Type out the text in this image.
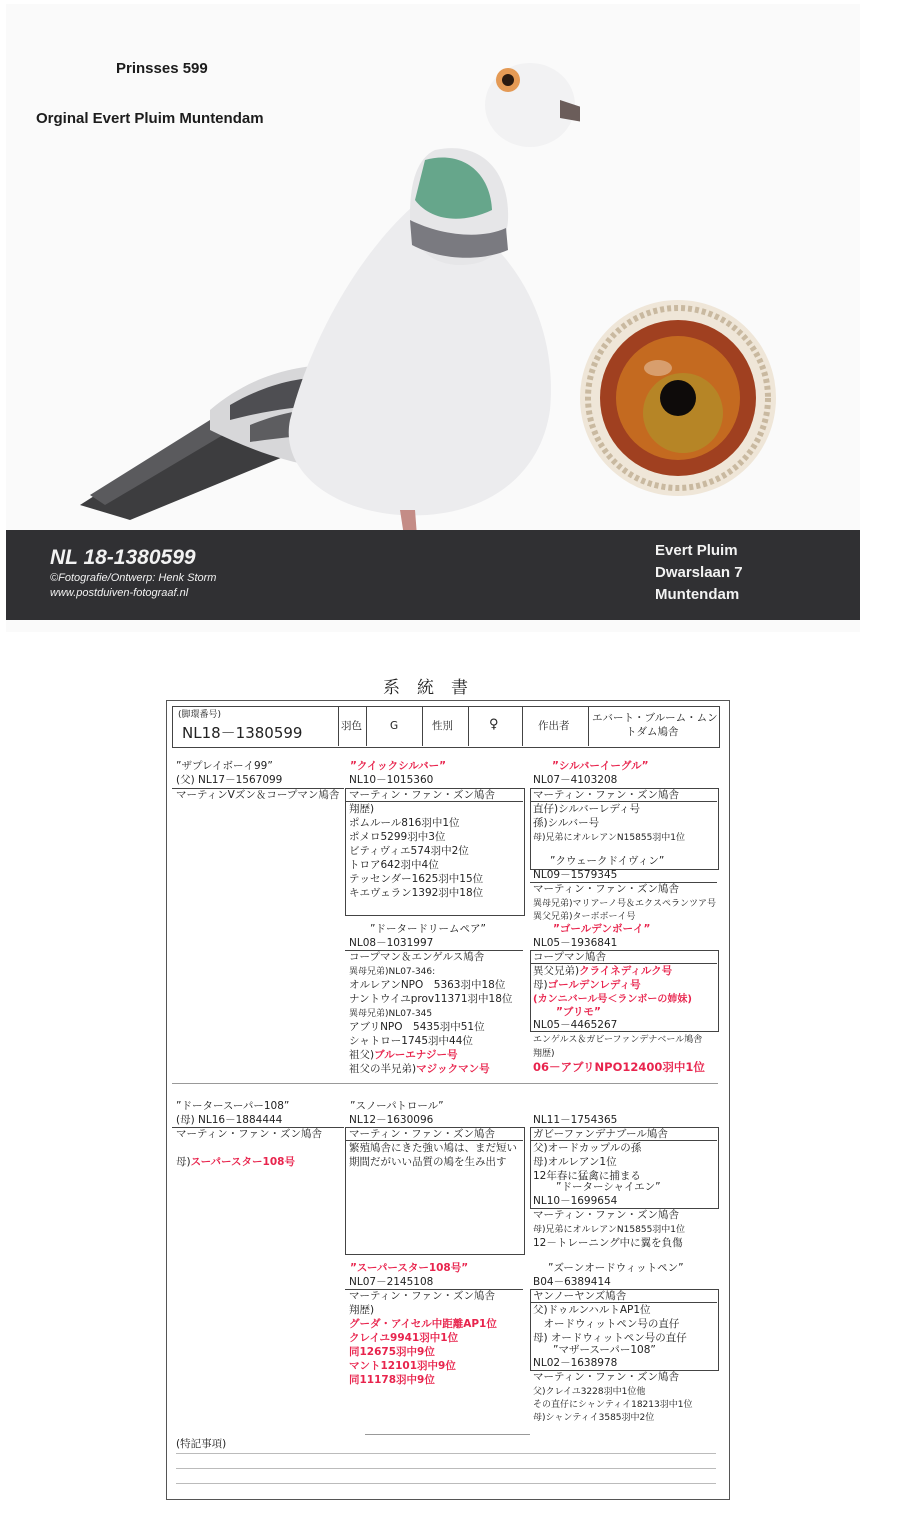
Prinsses 599
Orginal Evert Pluim Muntendam
NL 18-1380599
©Fotografie/Ontwerp: Henk Storm
www.postduiven-fotograaf.nl
Evert Pluim
Dwarslaan 7
Muntendam
系　統　書
(脚環番号)
NL18－1380599	羽色	G	性別	♀	作出者
エバート・ブルーム・ムン
トダム鳩舎
”ザプレイボーイ99”
(父) NL17－1567099
マーティンVズン＆コープマン鳩舎
”クイックシルバー”
NL10－1015360
マーティン・ファン・ズン鳩舎
翔歴)
ポムルール816羽中1位
ポメロ5299羽中3位
ビティヴィエ574羽中2位
トロア642羽中4位
テッセンダー1625羽中15位
キエヴェラン1392羽中18位
”シルバーイーグル”
NL07－4103208
マーティン・ファン・ズン鳩舎
直仔)シルバーレディ号
孫)シルバー号
母)兄弟にオルレアンN15855羽中1位
”クウェークドイヴィン”
NL09－1579345
マーティン・ファン・ズン鳩舎
異母兄弟)マリアーノ号＆エクスペランツア号
異父兄弟)ターボボーイ号
”ドータードリームペア”
NL08－1031997
コープマン＆エンゲルス鳩舎
異母兄弟)NL07-346:
オルレアンNPO　5363羽中18位
ナントウイユprov11371羽中18位
異母兄弟)NL07-345
アブリNPO　5435羽中51位
シャトロー1745羽中44位
祖父)ブルーエナジー号
祖父の半兄弟)マジックマン号
”ゴールデンボーイ”
NL05－1936841
コープマン鳩舎
異父兄弟)クライネディルク号
母)ゴールデンレディ号
(カンニバール号＜ランボーの姉妹)
”ブリモ”
NL05－4465267
エンゲルス＆ガビーファンデナベール鳩舎
翔歴)
06－アブリNPO12400羽中1位
”ドータースーパー108”
(母) NL16－1884444
マーティン・ファン・ズン鳩舎
母)スーパースター108号
”スノーパトロール”
NL12－1630096
マーティン・ファン・ズン鳩舎
繁殖鳩舎にきた強い鳩は、まだ短い
期間だがいい品質の鳩を生み出す
NL11－1754365
ガビーファンデナブール鳩舎
父)オードカップルの孫
母)オルレアン1位
12年春に猛禽に捕まる
”ドーターシャイエン”
NL10－1699654
マーティン・ファン・ズン鳩舎
母)兄弟にオルレアンN15855羽中1位
12－トレーニング中に翼を負傷
”スーパースター108号”
NL07－2145108
マーティン・ファン・ズン鳩舎
翔歴)
グーダ・アイセル中距離AP1位
クレイユ9941羽中1位
同12675羽中9位
マント12101羽中9位
同11178羽中9位
”ズーンオードウィットペン”
B04－6389414
ヤンノーヤンズ鳩舎
父)ドゥルンハルトAP1位
　オードウィットペン号の直仔
母) オードウィットペン号の直仔
”マザースーパー108”
NL02－1638978
マーティン・ファン・ズン鳩舎
父)クレイユ3228羽中1位他
その直仔にシャンティイ18213羽中1位
母)シャンティイ3585羽中2位
(特記事項)
